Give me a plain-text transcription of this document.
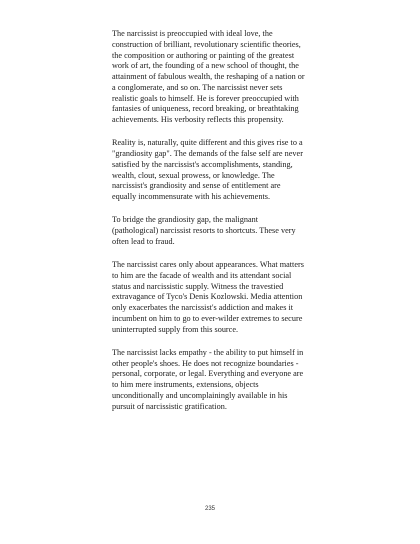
The narcissist is preoccupied with ideal love, the
construction of brilliant, revolutionary scientific theories,
the composition or authoring or painting of the greatest
work of art, the founding of a new school of thought, the
attainment of fabulous wealth, the reshaping of a nation or
a conglomerate, and so on. The narcissist never sets
realistic goals to himself. He is forever preoccupied with
fantasies of uniqueness, record breaking, or breathtaking
achievements. His verbosity reflects this propensity.

Reality is, naturally, quite different and this gives rise to a
"grandiosity gap". The demands of the false self are never
satisfied by the narcissist's accomplishments, standing,
wealth, clout, sexual prowess, or knowledge. The
narcissist's grandiosity and sense of entitlement are
equally incommensurate with his achievements.

To bridge the grandiosity gap, the malignant
(pathological) narcissist resorts to shortcuts. These very
often lead to fraud.

The narcissist cares only about appearances. What matters
to him are the facade of wealth and its attendant social
status and narcissistic supply. Witness the travestied
extravagance of Tyco's Denis Kozlowski. Media attention
only exacerbates the narcissist's addiction and makes it
incumbent on him to go to ever-wilder extremes to secure
uninterrupted supply from this source.

The narcissist lacks empathy - the ability to put himself in
other people's shoes. He does not recognize boundaries -
personal, corporate, or legal. Everything and everyone are
to him mere instruments, extensions, objects
unconditionally and uncomplainingly available in his
pursuit of narcissistic gratification.

235
